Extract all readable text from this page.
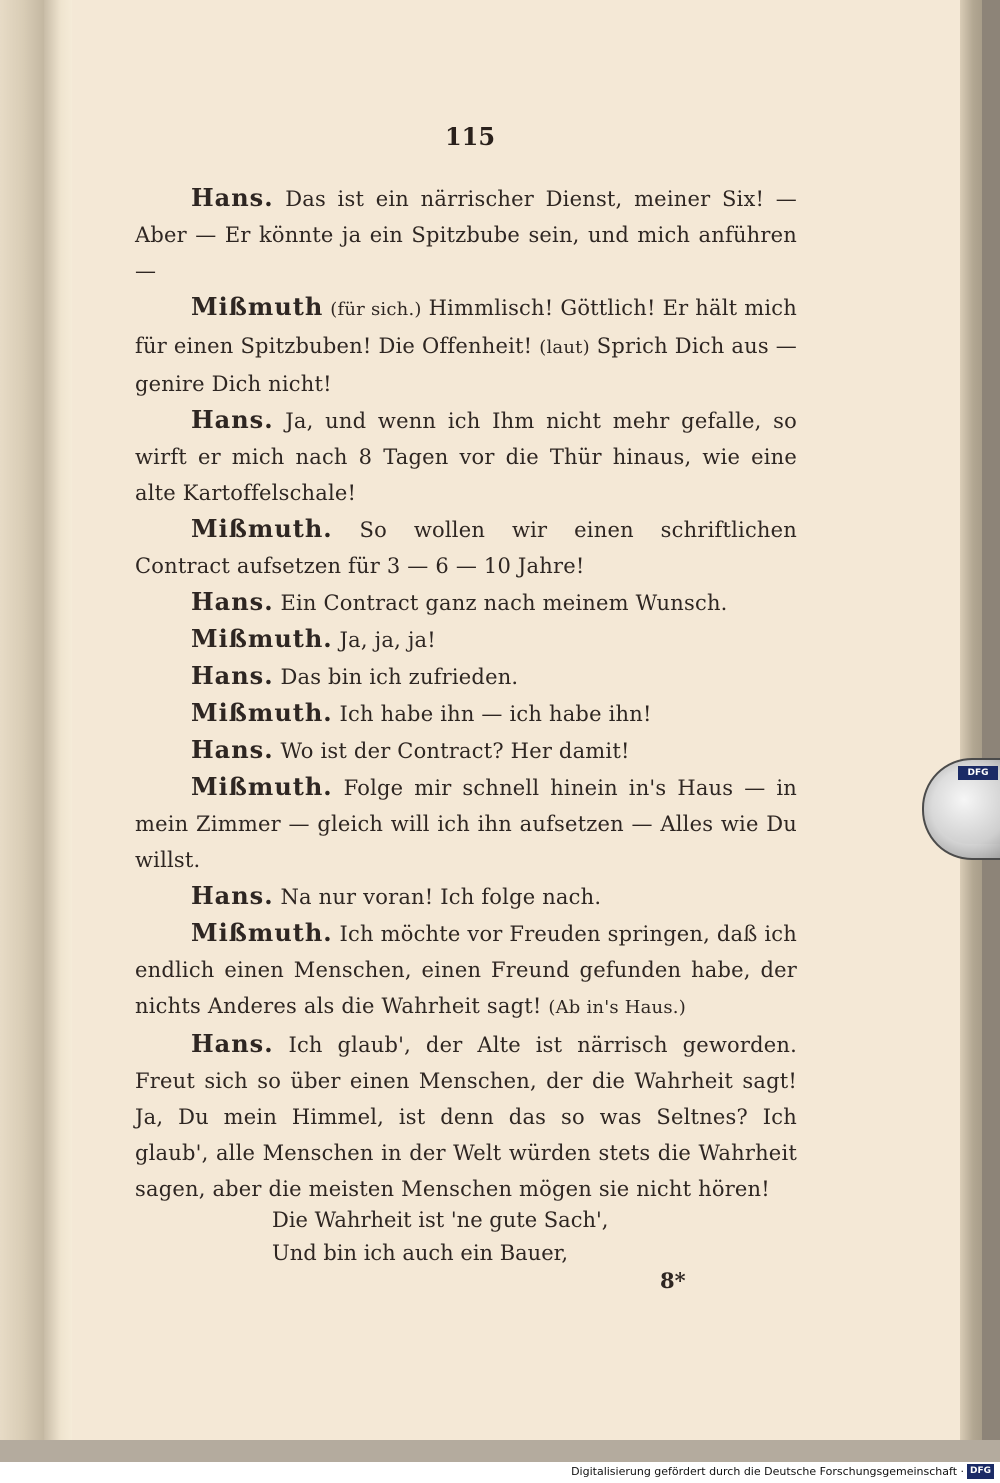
DFG
115

Hans. Das ist ein närrischer Dienst, meiner Six! — Aber — Er könnte ja ein Spitzbube sein, und mich anführen —

Mißmuth (für sich.) Himmlisch! Göttlich! Er hält mich für einen Spitzbuben! Die Offenheit! (laut) Sprich Dich aus — genire Dich nicht!

Hans. Ja, und wenn ich Ihm nicht mehr gefalle, so wirft er mich nach 8 Tagen vor die Thür hinaus, wie eine alte Kartoffelschale!

Mißmuth. So wollen wir einen schriftlichen Contract aufsetzen für 3 — 6 — 10 Jahre!

Hans. Ein Contract ganz nach meinem Wunsch.

Mißmuth. Ja, ja, ja!

Hans. Das bin ich zufrieden.

Mißmuth. Ich habe ihn — ich habe ihn!

Hans. Wo ist der Contract? Her damit!

Mißmuth. Folge mir schnell hinein in's Haus — in mein Zimmer — gleich will ich ihn aufsetzen — Alles wie Du willst.

Hans. Na nur voran! Ich folge nach.

Mißmuth. Ich möchte vor Freuden springen, daß ich endlich einen Menschen, einen Freund gefunden habe, der nichts Anderes als die Wahrheit sagt! (Ab in's Haus.)

Hans. Ich glaub', der Alte ist närrisch geworden. Freut sich so über einen Menschen, der die Wahrheit sagt! Ja, Du mein Himmel, ist denn das so was Seltnes? Ich glaub', alle Menschen in der Welt würden stets die Wahrheit sagen, aber die meisten Menschen mögen sie nicht hören!

Die Wahrheit ist 'ne gute Sach',
Und bin ich auch ein Bauer,
8*
Digitalisierung gefördert durch die Deutsche Forschungsgemeinschaft · DFG
